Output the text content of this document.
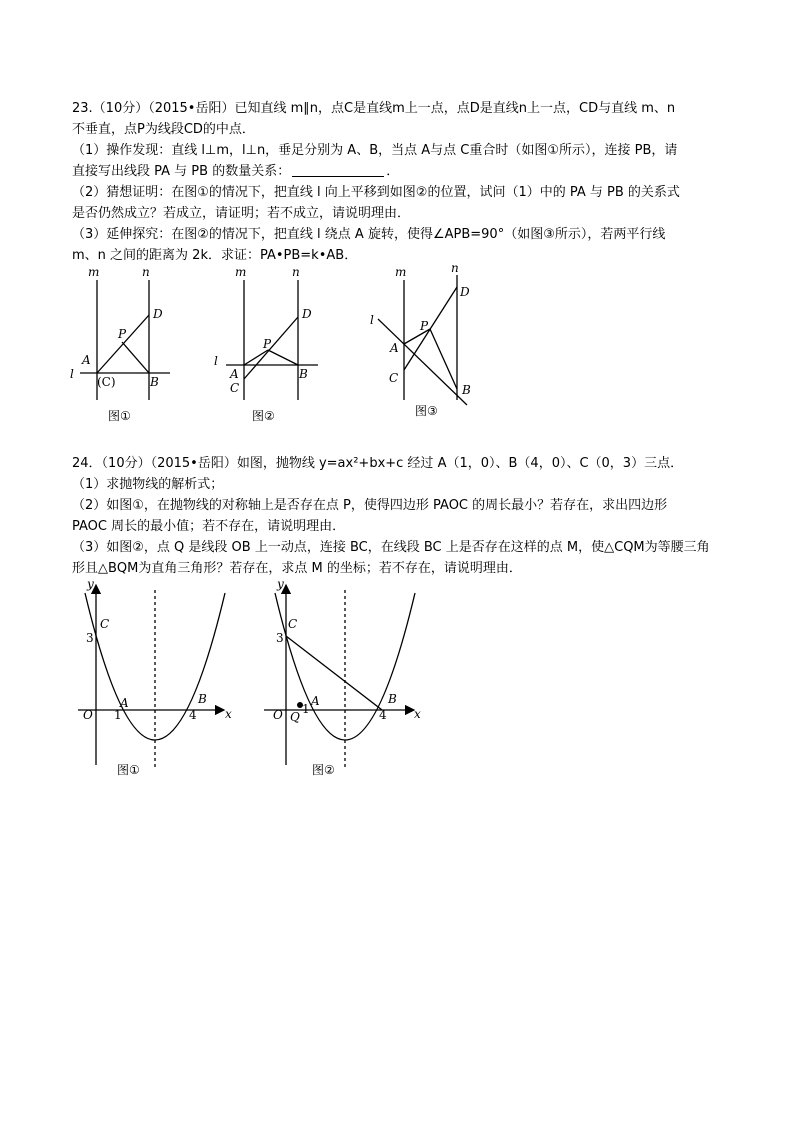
23.（10分）（2015•岳阳）已知直线 m∥n，点C是直线m上一点，点D是直线n上一点，CD与直线 m、n
不垂直，点P为线段CD的中点．
（1）操作发现：直线 l⊥m，l⊥n，垂足分别为 A、B，当点 A与点 C重合时（如图①所示），连接 PB，请
直接写出线段 PA 与 PB 的数量关系：	．
（2）猜想证明：在图①的情况下，把直线 l 向上平移到如图②的位置，试问（1）中的 PA 与 PB 的关系式
是否仍然成立？若成立，请证明；若不成立，请说明理由．
（3）延伸探究：在图②的情况下，把直线 l 绕点 A 旋转，使得∠APB=90°（如图③所示），若两平行线
m、n 之间的距离为 2k．求证：PA•PB=k•AB．
24．（10分）（2015•岳阳）如图，抛物线 y=ax²+bx+c 经过 A（1，0）、B（4，0）、C（0，3）三点．
（1）求抛物线的解析式；
（2）如图①，在抛物线的对称轴上是否存在点 P，使得四边形 PAOC 的周长最小？若存在，求出四边形
PAOC 周长的最小值；若不存在，请说明理由．
（3）如图②，点 Q 是线段 OB 上一动点，连接 BC，在线段 BC 上是否存在这样的点 M，使△CQM为等腰三角
形且△BQM为直角三角形？若存在，求点 M 的坐标；若不存在，请说明理由．
m	n
l
A
(C)
P
D
B
图①
m	n
l
A
C
P
D
B
图②
m	n
l
A
C
P
D
B
图③
y
x
C
3
A	B
O 1	4
图①
y
x
C
3
A	B
O Q
1	4
图②
